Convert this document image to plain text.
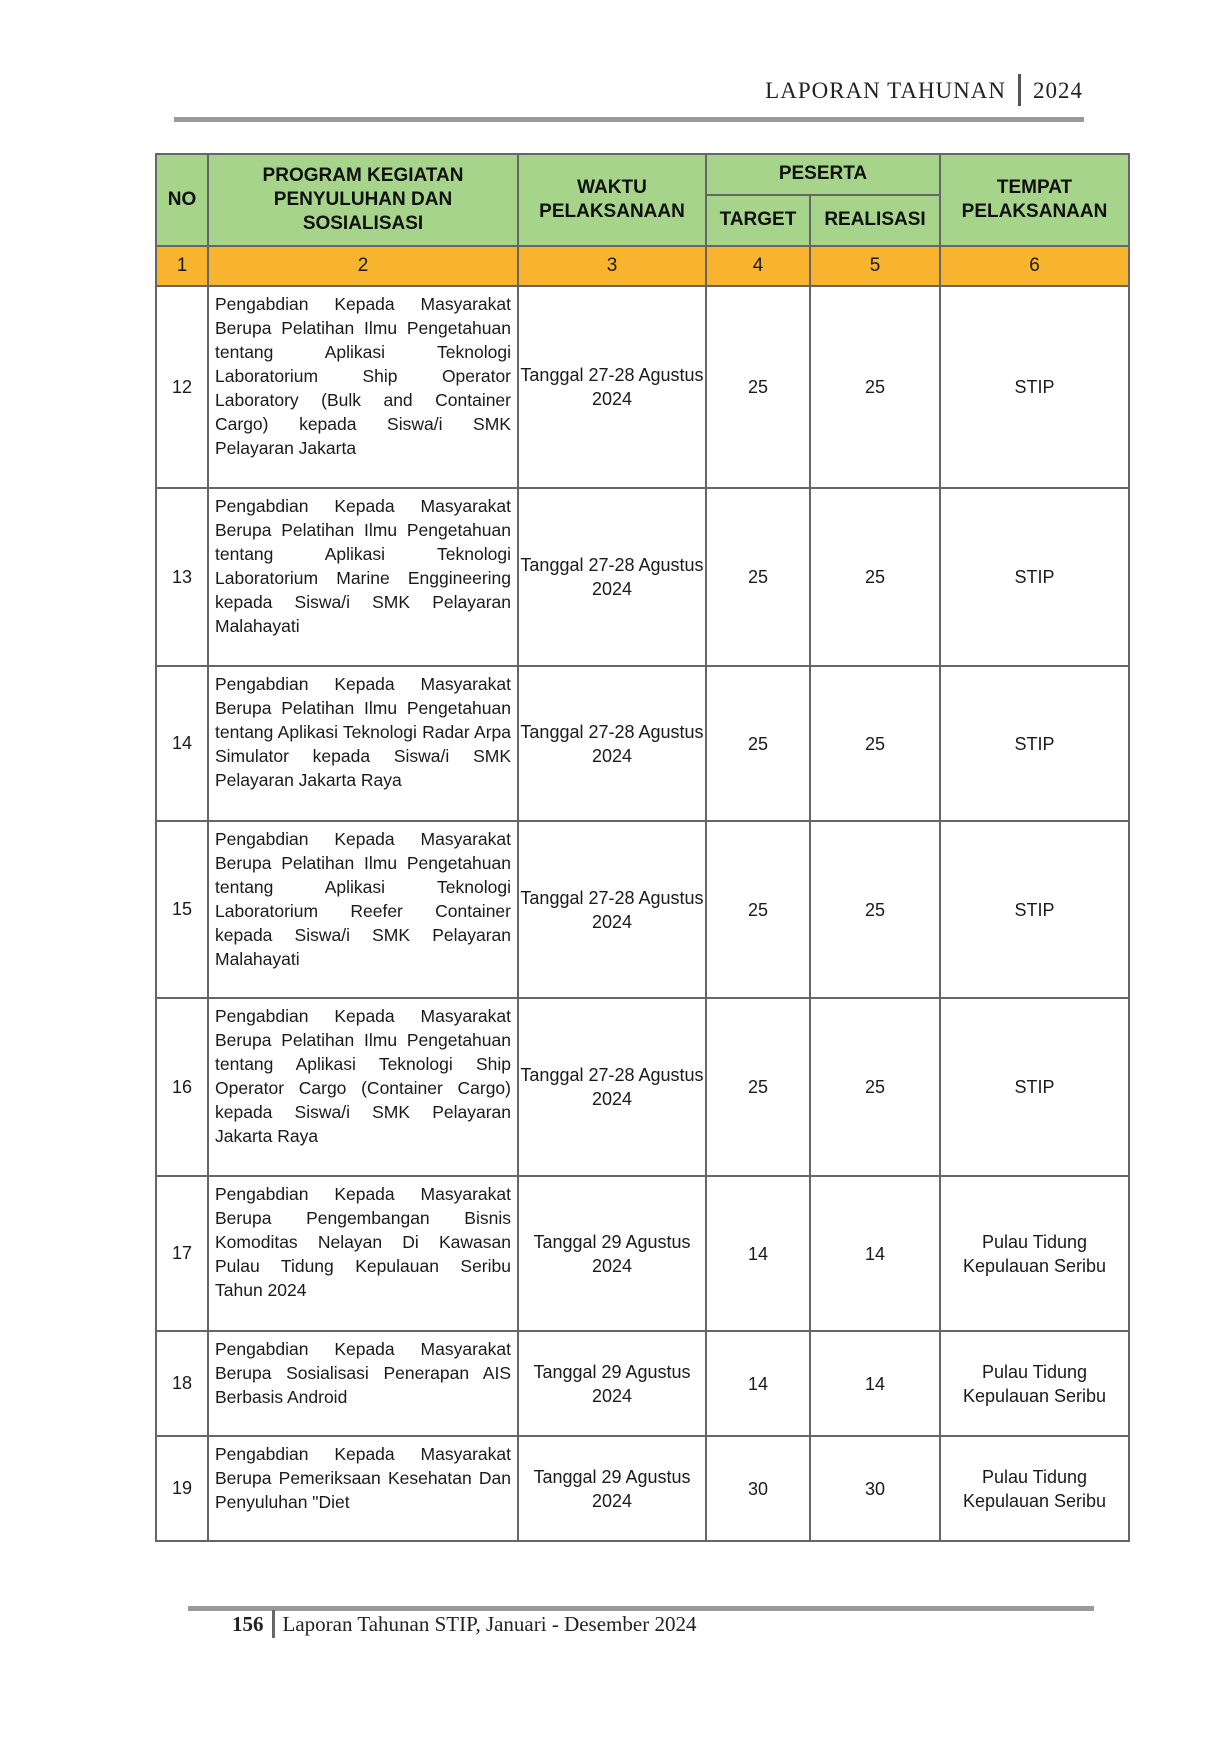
LAPORAN TAHUNAN 2024
NO	PROGRAM KEGIATAN PENYULUHAN DAN SOSIALISASI	WAKTU PELAKSANAAN	PESERTA		TEMPAT PELAKSANAAN
			TARGET	REALISASI	
1	2	3	4	5	6
12	Pengabdian Kepada Masyarakat Berupa Pelatihan Ilmu Pengetahuan tentang Aplikasi Teknologi Laboratorium Ship Operator Laboratory (Bulk and Container Cargo) kepada Siswa/i SMK Pelayaran Jakarta	Tanggal 27-28 Agustus 2024	25	25	STIP
13	Pengabdian Kepada Masyarakat Berupa Pelatihan Ilmu Pengetahuan tentang Aplikasi Teknologi Laboratorium Marine Enggineering kepada Siswa/i SMK Pelayaran Malahayati	Tanggal 27-28 Agustus 2024	25	25	STIP
14	Pengabdian Kepada Masyarakat Berupa Pelatihan Ilmu Pengetahuan tentang Aplikasi Teknologi Radar Arpa Simulator kepada Siswa/i SMK Pelayaran Jakarta Raya	Tanggal 27-28 Agustus 2024	25	25	STIP
15	Pengabdian Kepada Masyarakat Berupa Pelatihan Ilmu Pengetahuan tentang Aplikasi Teknologi Laboratorium Reefer Container kepada Siswa/i SMK Pelayaran Malahayati	Tanggal 27-28 Agustus 2024	25	25	STIP
16	Pengabdian Kepada Masyarakat Berupa Pelatihan Ilmu Pengetahuan tentang Aplikasi Teknologi Ship Operator Cargo (Container Cargo) kepada Siswa/i SMK Pelayaran Jakarta Raya	Tanggal 27-28 Agustus 2024	25	25	STIP
17	Pengabdian Kepada Masyarakat Berupa Pengembangan Bisnis Komoditas Nelayan Di Kawasan Pulau Tidung Kepulauan Seribu Tahun 2024	Tanggal 29 Agustus 2024	14	14	Pulau Tidung Kepulauan Seribu
18	Pengabdian Kepada Masyarakat Berupa Sosialisasi Penerapan AIS Berbasis Android	Tanggal 29 Agustus 2024	14	14	Pulau Tidung Kepulauan Seribu
19	Pengabdian Kepada Masyarakat Berupa Pemeriksaan Kesehatan Dan Penyuluhan "Diet	Tanggal 29 Agustus 2024	30	30	Pulau Tidung Kepulauan Seribu
156 Laporan Tahunan STIP, Januari - Desember 2024
